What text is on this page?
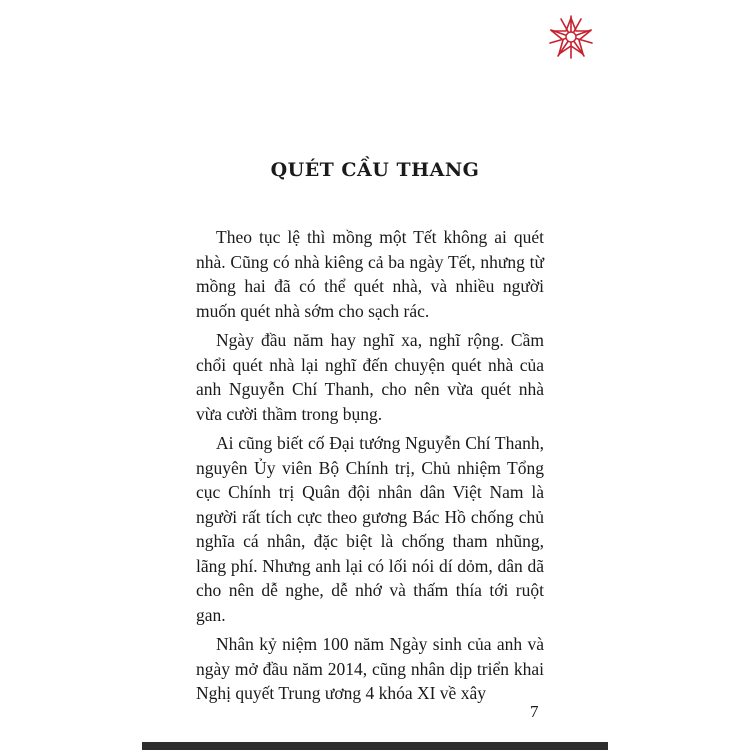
QUÉT CẦU THANG

Theo tục lệ thì mồng một Tết không ai quét nhà. Cũng có nhà kiêng cả ba ngày Tết, nhưng từ mồng hai đã có thể quét nhà, và nhiều người muốn quét nhà sớm cho sạch rác.

Ngày đầu năm hay nghĩ xa, nghĩ rộng. Cầm chổi quét nhà lại nghĩ đến chuyện quét nhà của anh Nguyễn Chí Thanh, cho nên vừa quét nhà vừa cười thầm trong bụng.

Ai cũng biết cố Đại tướng Nguyễn Chí Thanh, nguyên Ủy viên Bộ Chính trị, Chủ nhiệm Tổng cục Chính trị Quân đội nhân dân Việt Nam là người rất tích cực theo gương Bác Hồ chống chủ nghĩa cá nhân, đặc biệt là chống tham nhũng, lãng phí. Nhưng anh lại có lối nói dí dỏm, dân dã cho nên dễ nghe, dễ nhớ và thấm thía tới ruột gan.

Nhân kỷ niệm 100 năm Ngày sinh của anh và ngày mở đầu năm 2014, cũng nhân dịp triển khai Nghị quyết Trung ương 4 khóa XI về xây

7
